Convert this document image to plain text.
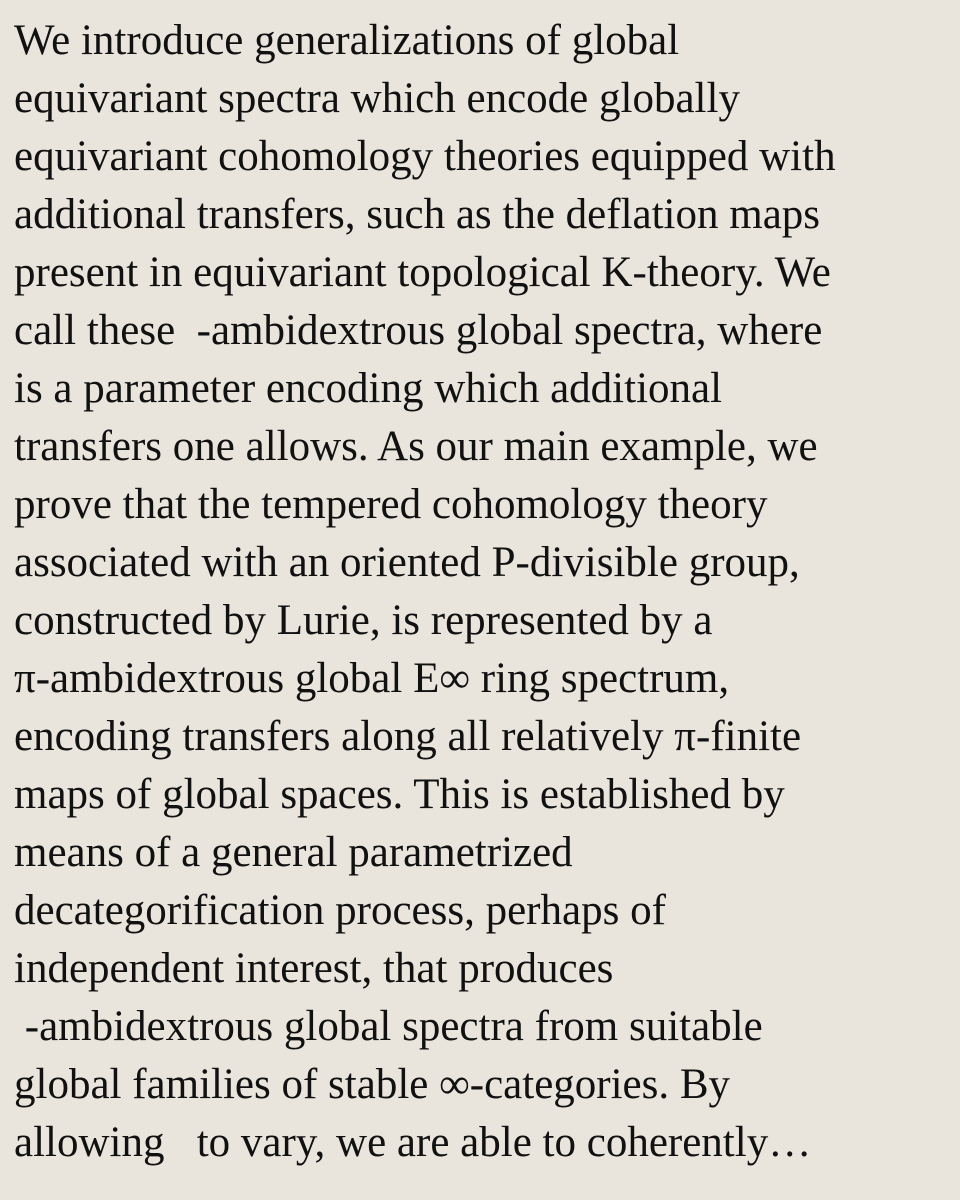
We introduce generalizations of global
equivariant spectra which encode globally
equivariant cohomology theories equipped with
additional transfers, such as the deflation maps
present in equivariant topological K-theory. We
call these  -ambidextrous global spectra, where
is a parameter encoding which additional
transfers one allows. As our main example, we
prove that the tempered cohomology theory
associated with an oriented P-divisible group,
constructed by Lurie, is represented by a
π-ambidextrous global E∞ ring spectrum,
encoding transfers along all relatively π-finite
maps of global spaces. This is established by
means of a general parametrized
decategorification process, perhaps of
independent interest, that produces
-ambidextrous global spectra from suitable
global families of stable ∞-categories. By
allowing   to vary, we are able to coherently…
